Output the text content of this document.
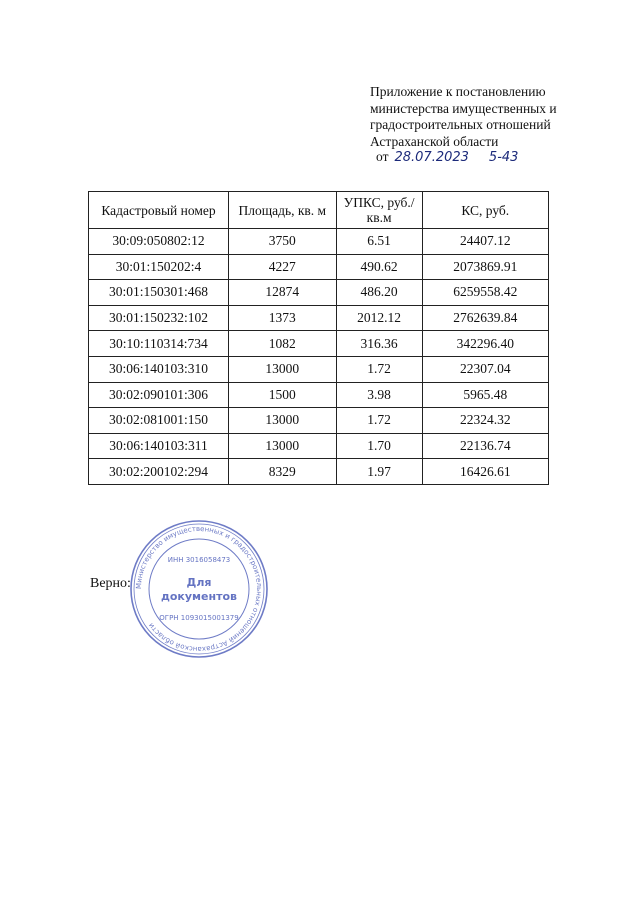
Приложение к постановлению
министерства имущественных и
градостроительных отношений
Астраханской области
от 28.07.2023 5-43
Кадастровый номер	Площадь, кв. м	УПКС, руб./кв.м	КС, руб.
30:09:050802:12	3750	6.51	24407.12
30:01:150202:4	4227	490.62	2073869.91
30:01:150301:468	12874	486.20	6259558.42
30:01:150232:102	1373	2012.12	2762639.84
30:10:110314:734	1082	316.36	342296.40
30:06:140103:310	13000	1.72	22307.04
30:02:090101:306	1500	3.98	5965.48
30:02:081001:150	13000	1.72	22324.32
30:06:140103:311	13000	1.70	22136.74
30:02:200102:294	8329	1.97	16426.61
Верно: Министерство имущественных и градостроительных отношений Астраханской области
ИНН 3016058473
Для
документов
ОГРН 1093015001379
